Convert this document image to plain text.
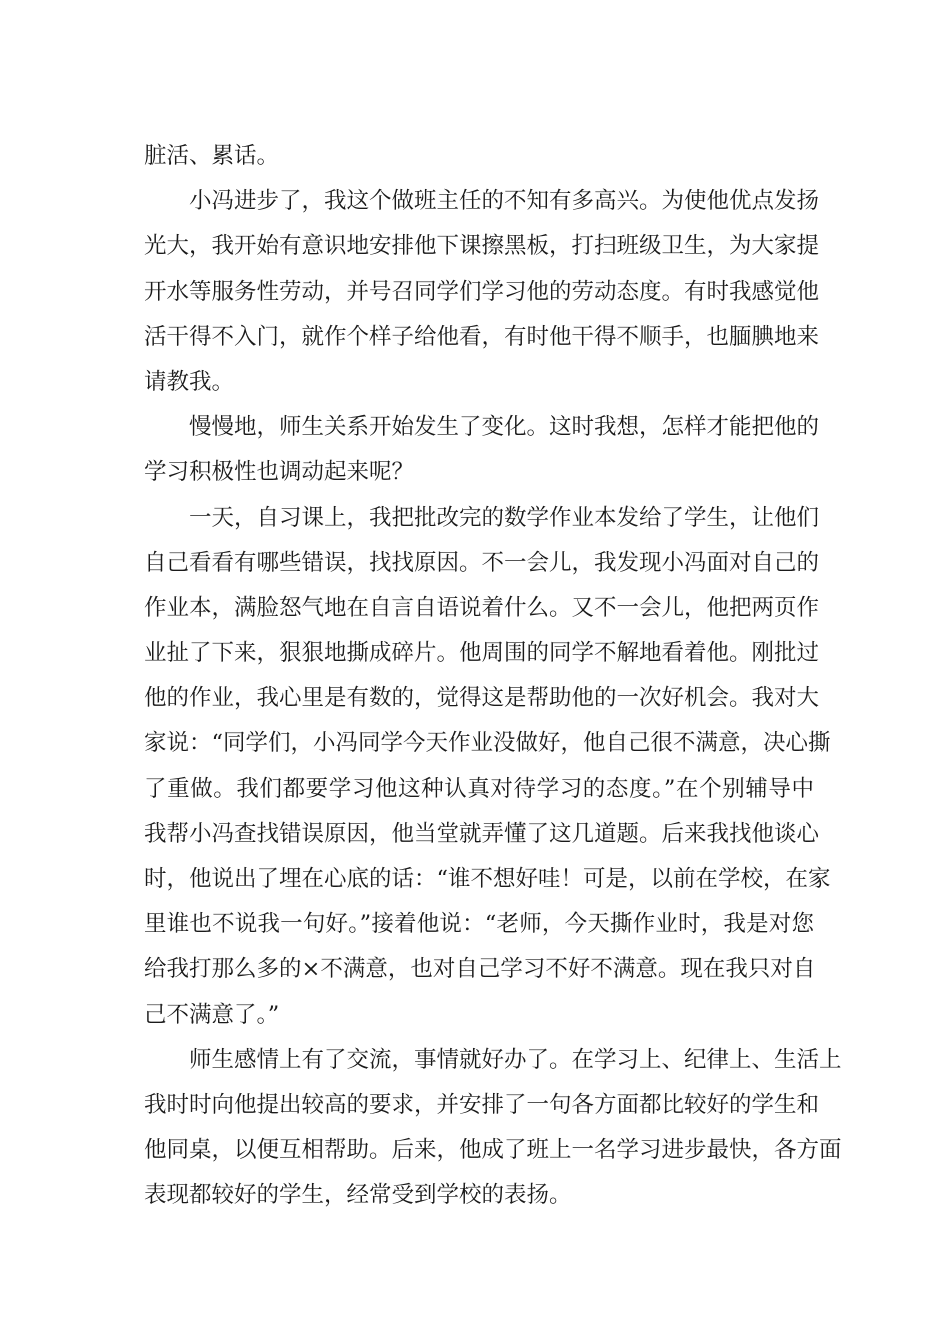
脏活、累话。
小冯进步了，我这个做班主任的不知有多高兴。为使他优点发扬
光大，我开始有意识地安排他下课擦黑板，打扫班级卫生，为大家提
开水等服务性劳动，并号召同学们学习他的劳动态度。有时我感觉他
活干得不入门，就作个样子给他看，有时他干得不顺手，也腼腆地来
请教我。
慢慢地，师生关系开始发生了变化。这时我想，怎样才能把他的
学习积极性也调动起来呢？
一天，自习课上，我把批改完的数学作业本发给了学生，让他们
自己看看有哪些错误，找找原因。不一会儿，我发现小冯面对自己的
作业本，满脸怒气地在自言自语说着什么。又不一会儿，他把两页作
业扯了下来，狠狠地撕成碎片。他周围的同学不解地看着他。刚批过
他的作业，我心里是有数的，觉得这是帮助他的一次好机会。我对大
家说：“同学们，小冯同学今天作业没做好，他自己很不满意，决心撕
了重做。我们都要学习他这种认真对待学习的态度。”在个别辅导中
我帮小冯查找错误原因，他当堂就弄懂了这几道题。后来我找他谈心
时，他说出了埋在心底的话：“谁不想好哇！可是，以前在学校，在家
里谁也不说我一句好。”接着他说：“老师，今天撕作业时，我是对您
给我打那么多的×不满意，也对自己学习不好不满意。现在我只对自
己不满意了。”
师生感情上有了交流，事情就好办了。在学习上、纪律上、生活上
我时时向他提出较高的要求，并安排了一句各方面都比较好的学生和
他同桌，以便互相帮助。后来，他成了班上一名学习进步最快，各方面
表现都较好的学生，经常受到学校的表扬。
